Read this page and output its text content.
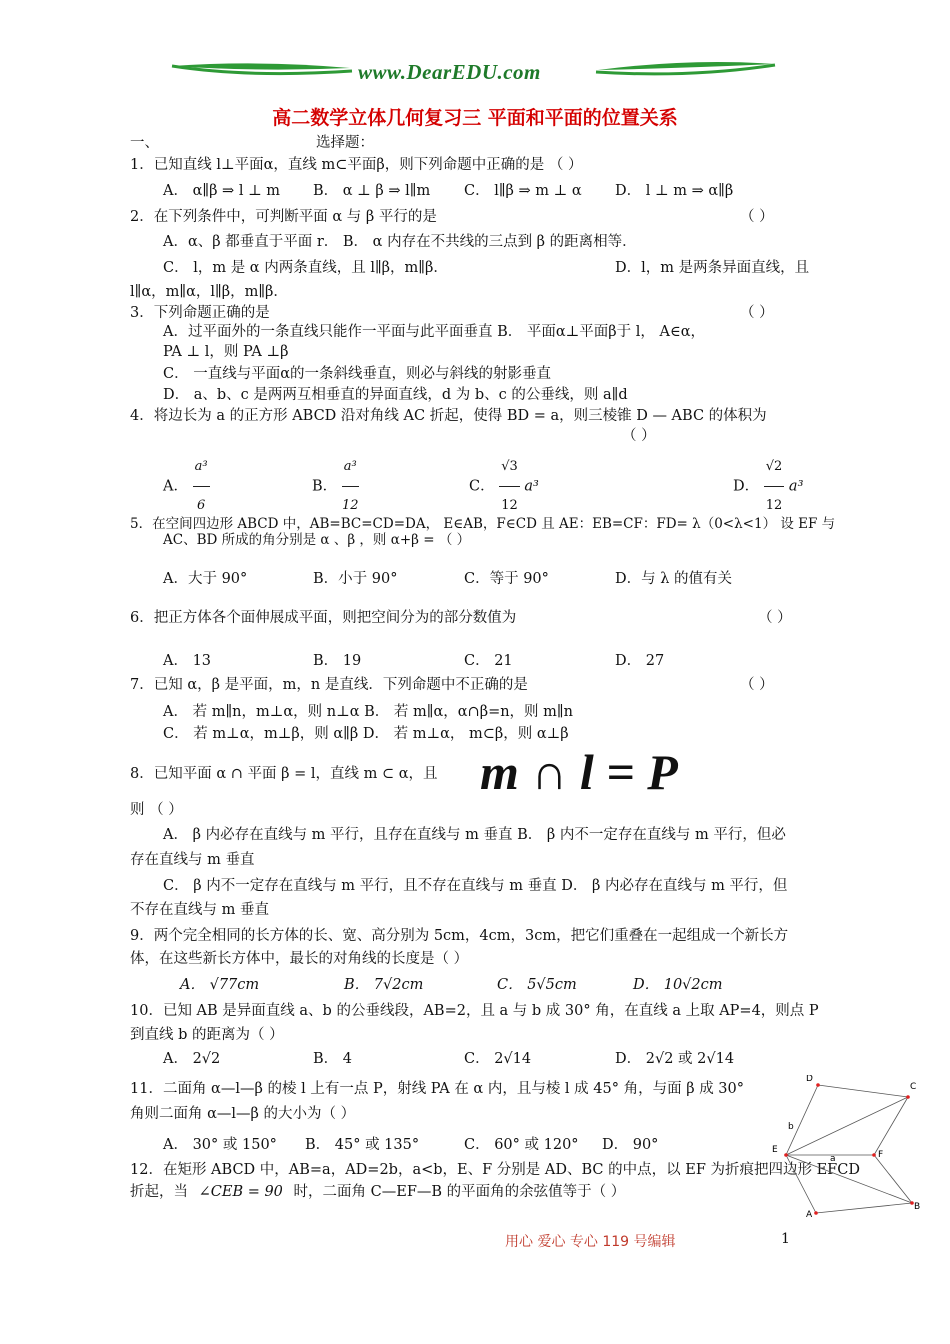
www.DearEDU.com
高二数学立体几何复习三 平面和平面的位置关系
一、	选择题：
1．已知直线 l⊥平面α，直线 m⊂平面β，则下列命题中正确的是 （ ）
A． α∥β ⇒ l ⊥ m B． α ⊥ β ⇒ l∥m C． l∥β ⇒ m ⊥ α D． l ⊥ m ⇒ α∥β
2．在下列条件中，可判断平面 α 与 β 平行的是	（ ）
A．α、β 都垂直于平面 r． B． α 内存在不共线的三点到 β 的距离相等．
C． l，m 是 α 内两条直线，且 l∥β，m∥β．	D．l，m 是两条异面直线，且
l∥α，m∥α，l∥β，m∥β．
3．下列命题正确的是	（ ）
A．过平面外的一条直线只能作一平面与此平面垂直 B． 平面α⊥平面β于 l， A∈α，
PA ⊥ l，则 PA ⊥β
C． 一直线与平面α的一条斜线垂直，则必与斜线的射影垂直
D． a、b、c 是两两互相垂直的异面直线，d 为 b、c 的公垂线，则 a∥d
4．将边长为 a 的正方形 ABCD 沿对角线 AC 折起，使得 BD = a，则三棱锥 D — ABC 的体积为
（ ）
A． $\frac{\text{a³}}{6}$	B． $\frac{\text{a³}}{12}$	C． $\frac{√3}{12} a^3$	D． $\frac{√2}{12} a^3$
5．在空间四边形 ABCD 中，AB=BC=CD=DA， E∈AB，F∈CD 且 AE：EB=CF：FD= λ（0<λ<1） 设 EF 与
AC、BD 所成的角分别是 α 、β ，则 α+β = （ ）
A．大于 90°	B．小于 90°	C．等于 90°	D．与 λ 的值有关
6．把正方体各个面伸展成平面，则把空间分为的部分数值为	（ ）
A． 13	B． 19	C． 21	D． 27
7．已知 α，β 是平面，m，n 是直线．下列命题中不正确的是	（ ）
A． 若 m∥n，m⊥α，则 n⊥α B． 若 m∥α，α∩β=n，则 m∥n
C． 若 m⊥α，m⊥β，则 α∥β D． 若 m⊥α， m⊂β，则 α⊥β
8．已知平面 α ∩ 平面 β = l，直线 m ⊂ α，且 m ∩ l = P
则 （ ）
A． β 内必存在直线与 m 平行，且存在直线与 m 垂直 B． β 内不一定存在直线与 m 平行，但必
存在直线与 m 垂直
C． β 内不一定存在直线与 m 平行，且不存在直线与 m 垂直 D． β 内必存在直线与 m 平行，但
不存在直线与 m 垂直
9．两个完全相同的长方体的长、宽、高分别为 5cm，4cm，3cm，把它们重叠在一起组成一个新长方
体，在这些新长方体中，最长的对角线的长度是（ ）
A． √77cm	B． 7√2cm	C． 5√5cm	D． 10√2cm
10．已知 AB 是异面直线 a、b 的公垂线段，AB=2，且 a 与 b 成 30° 角，在直线 a 上取 AP=4，则点 P
到直线 b 的距离为（ ）
A． 2√2	B． 4	C． 2√14	D． 2√2 或 2√14
11．二面角 α—l—β 的棱 l 上有一点 P，射线 PA 在 α 内，且与棱 l 成 45° 角，与面 β 成 30°
角则二面角 α—l—β 的大小为（ ）
A． 30° 或 150° B． 45° 或 135°	C． 60° 或 120° D． 90°
12．在矩形 ABCD 中，AB=a，AD=2b，a<b，E、F 分别是 AD、BC 的中点，以 EF 为折痕把四边形 EFCD
折起，当 ∠CEB = 90 时，二面角 C—EF—B 的平面角的余弦值等于（ ）
C
b
E	F
a
D
A
B
用心 爱心 专心 119 号编辑	1
